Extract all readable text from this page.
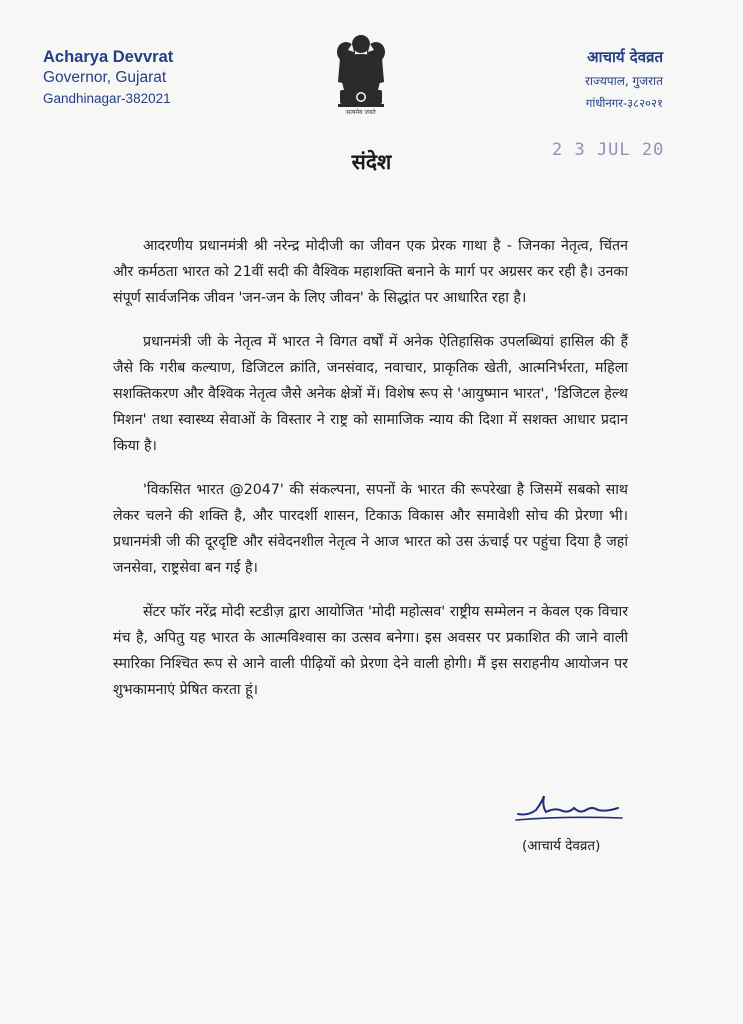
Acharya Devvrat
Governor, Gujarat
Gandhinagar-382021
सत्यमेव जयते
आचार्य देवव्रत
राज्यपाल, गुजरात
गांधीनगर-३८२०२१
2 3 JUL 20
संदेश

आदरणीय प्रधानमंत्री श्री नरेन्द्र मोदीजी का जीवन एक प्रेरक गाथा है - जिनका नेतृत्व, चिंतन और कर्मठता भारत को 21वीं सदी की वैश्विक महाशक्ति बनाने के मार्ग पर अग्रसर कर रही है। उनका संपूर्ण सार्वजनिक जीवन 'जन-जन के लिए जीवन' के सिद्धांत पर आधारित रहा है।

प्रधानमंत्री जी के नेतृत्व में भारत ने विगत वर्षों में अनेक ऐतिहासिक उपलब्धियां हासिल की हैं जैसे कि गरीब कल्याण, डिजिटल क्रांति, जनसंवाद, नवाचार, प्राकृतिक खेती, आत्मनिर्भरता, महिला सशक्तिकरण और वैश्विक नेतृत्व जैसे अनेक क्षेत्रों में। विशेष रूप से 'आयुष्मान भारत', 'डिजिटल हेल्थ मिशन' तथा स्वास्थ्य सेवाओं के विस्तार ने राष्ट्र को सामाजिक न्याय की दिशा में सशक्त आधार प्रदान किया है।

'विकसित भारत @2047' की संकल्पना, सपनों के भारत की रूपरेखा है जिसमें सबको साथ लेकर चलने की शक्ति है, और पारदर्शी शासन, टिकाऊ विकास और समावेशी सोच की प्रेरणा भी। प्रधानमंत्री जी की दूरदृष्टि और संवेदनशील नेतृत्व ने आज भारत को उस ऊंचाई पर पहुंचा दिया है जहां जनसेवा, राष्ट्रसेवा बन गई है।

सेंटर फॉर नरेंद्र मोदी स्टडीज़ द्वारा आयोजित 'मोदी महोत्सव' राष्ट्रीय सम्मेलन न केवल एक विचार मंच है, अपितु यह भारत के आत्मविश्वास का उत्सव बनेगा। इस अवसर पर प्रकाशित की जाने वाली स्मारिका निश्चित रूप से आने वाली पीढ़ियों को प्रेरणा देने वाली होगी। मैं इस सराहनीय आयोजन पर शुभकामनाएं प्रेषित करता हूं।

(आचार्य देवव्रत)
